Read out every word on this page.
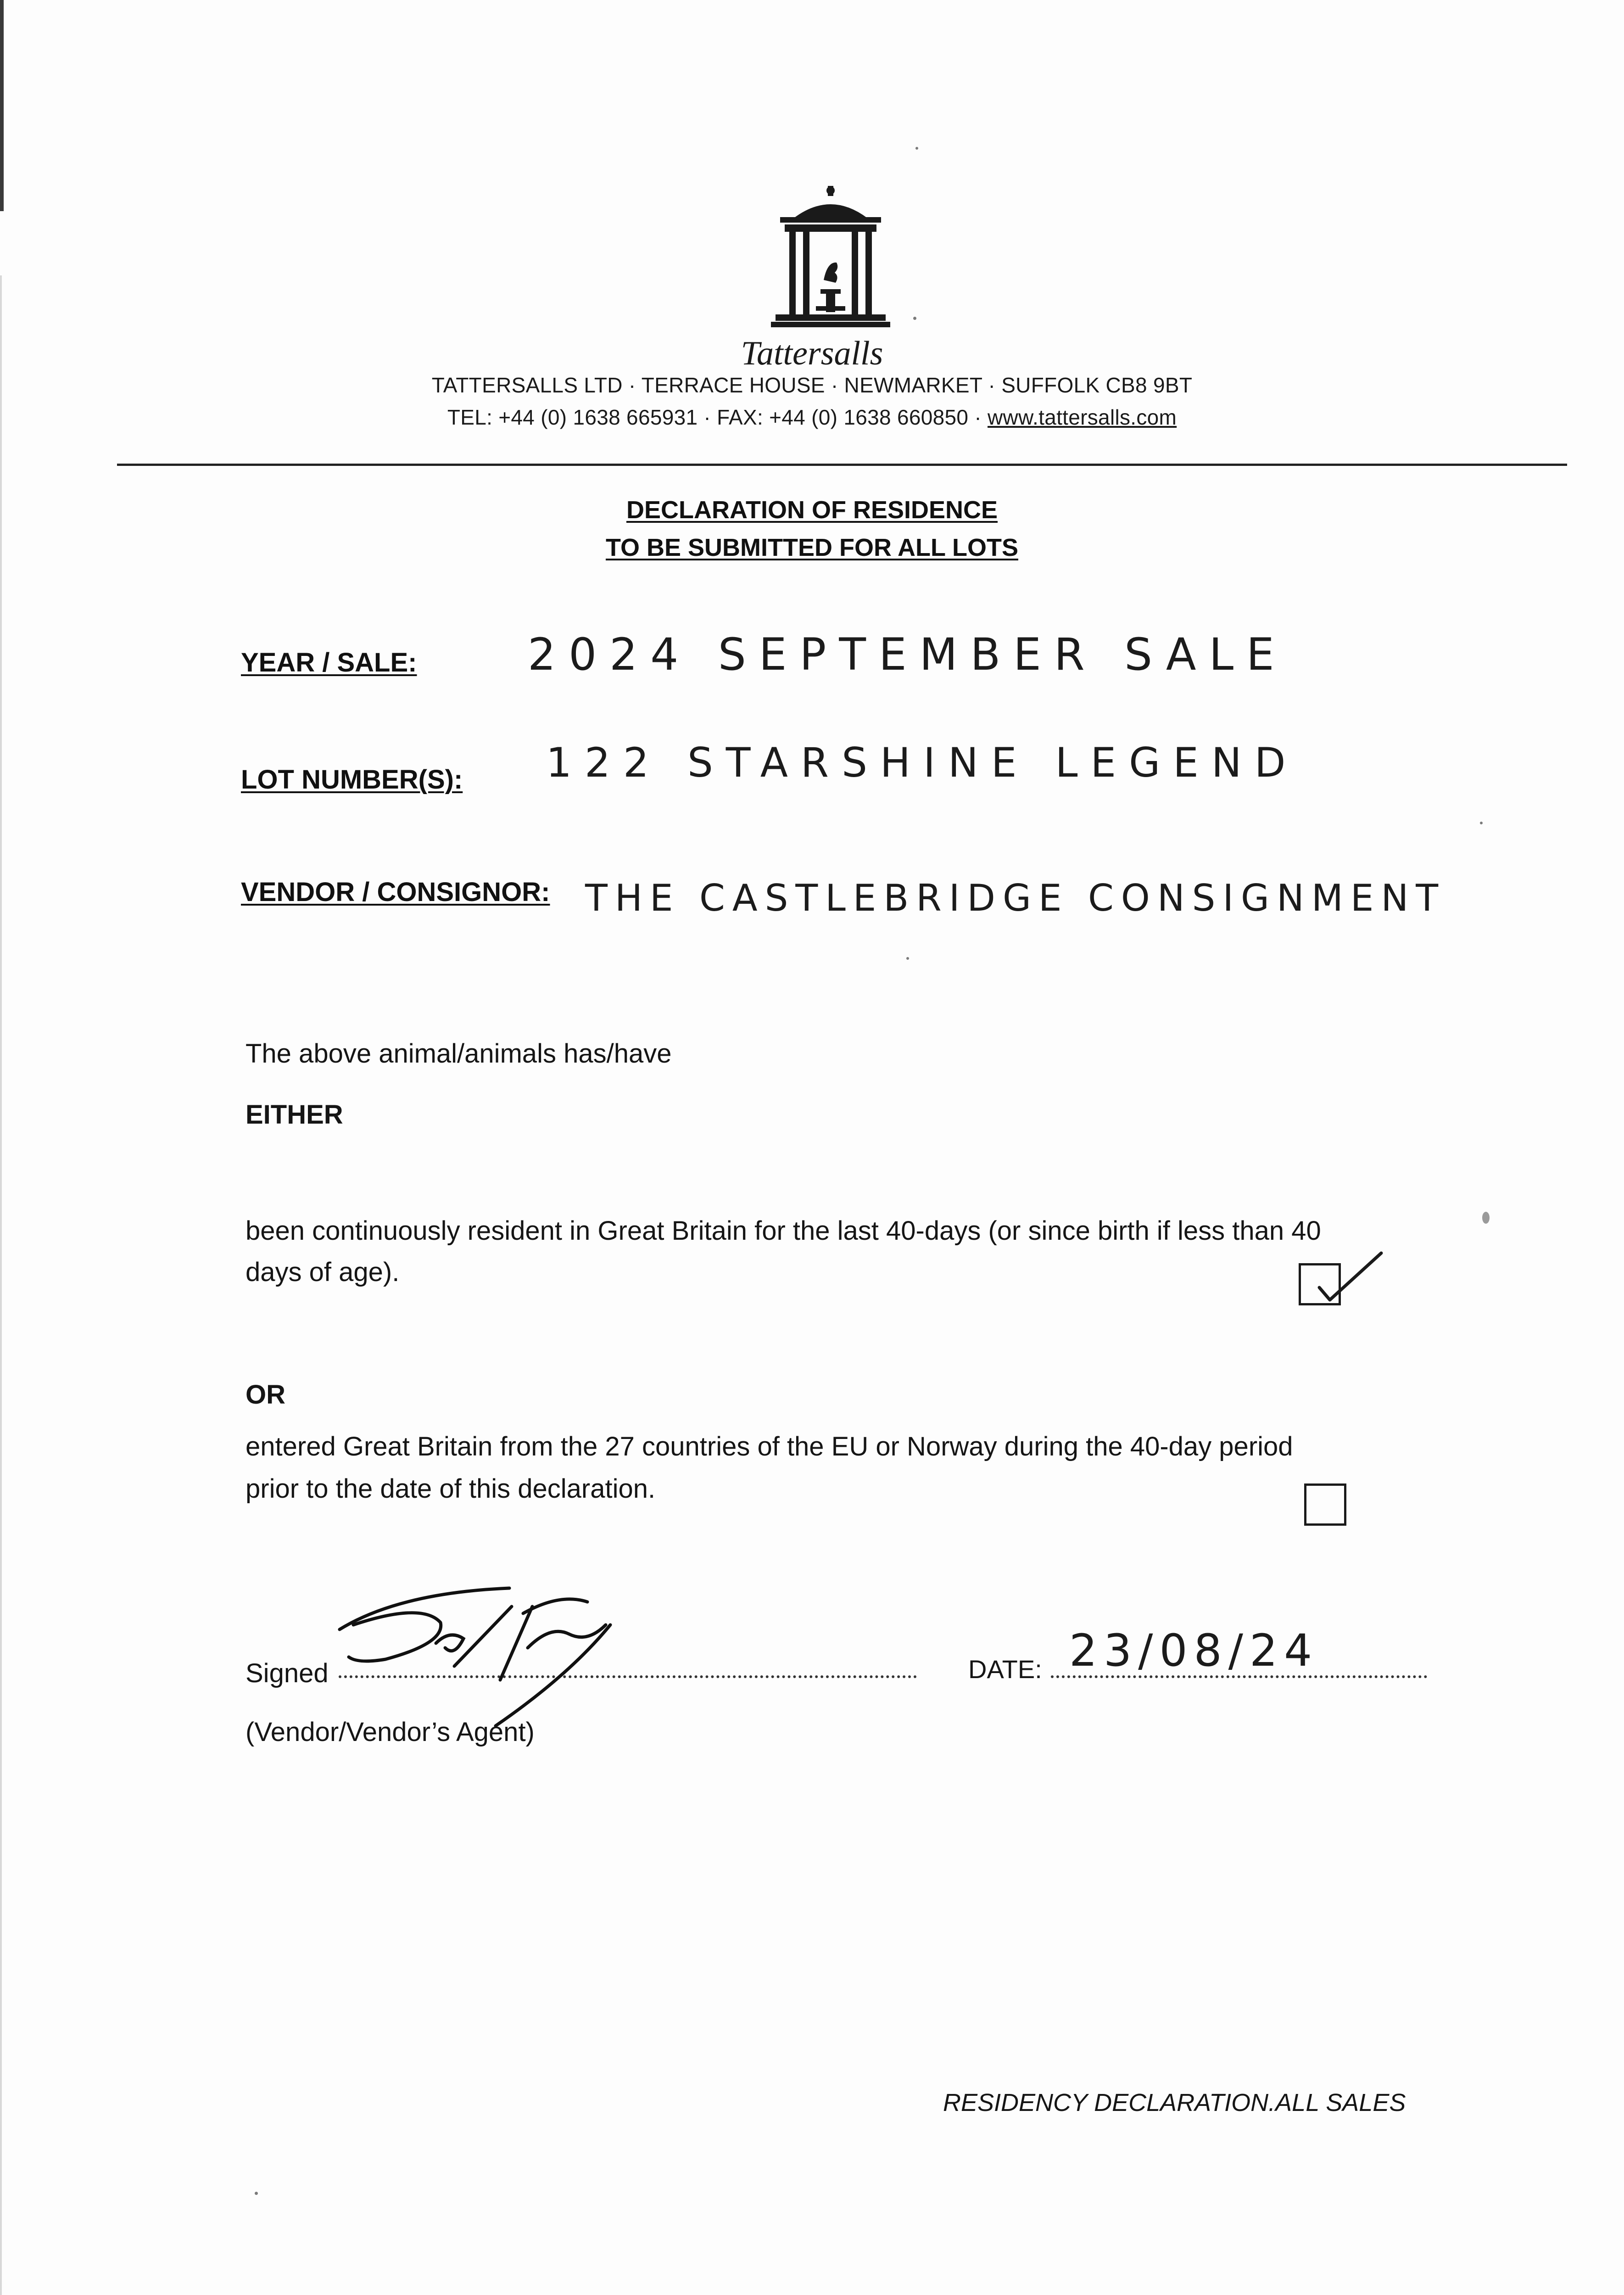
Tattersalls
TATTERSALLS LTD · TERRACE HOUSE · NEWMARKET · SUFFOLK CB8 9BT
TEL: +44 (0) 1638 665931 · FAX: +44 (0) 1638 660850 · www.tattersalls.com
DECLARATION OF RESIDENCE
TO BE SUBMITTED FOR ALL LOTS
YEAR / SALE:	2024 SEPTEMBER SALE
LOT NUMBER(S): 122 STARSHINE LEGEND
VENDOR / CONSIGNOR: THE CASTLEBRIDGE CONSIGNMENT
The above animal/animals has/have
EITHER
been continuously resident in Great Britain for the last 40-days (or since birth if less than 40
days of age).
OR
entered Great Britain from the 27 countries of the EU or Norway during the 40-day period
prior to the date of this declaration.
Signed
(Vendor/Vendor’s Agent)
DATE: 23/08/24
RESIDENCY DECLARATION.ALL SALES
